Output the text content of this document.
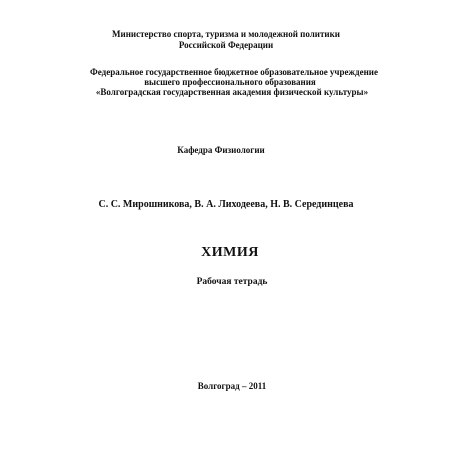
Министерство спорта, туризма и молодежной политики
Российской Федерации
Федеральное государственное бюджетное образовательное учреждение
высшего профессионального образования
«Волгоградская государственная академия физической культуры»
Кафедра Физиологии
С. С. Мирошникова, В. А. Лиходеева, Н. В. Серединцева
ХИМИЯ
Рабочая тетрадь
Волгоград – 2011
